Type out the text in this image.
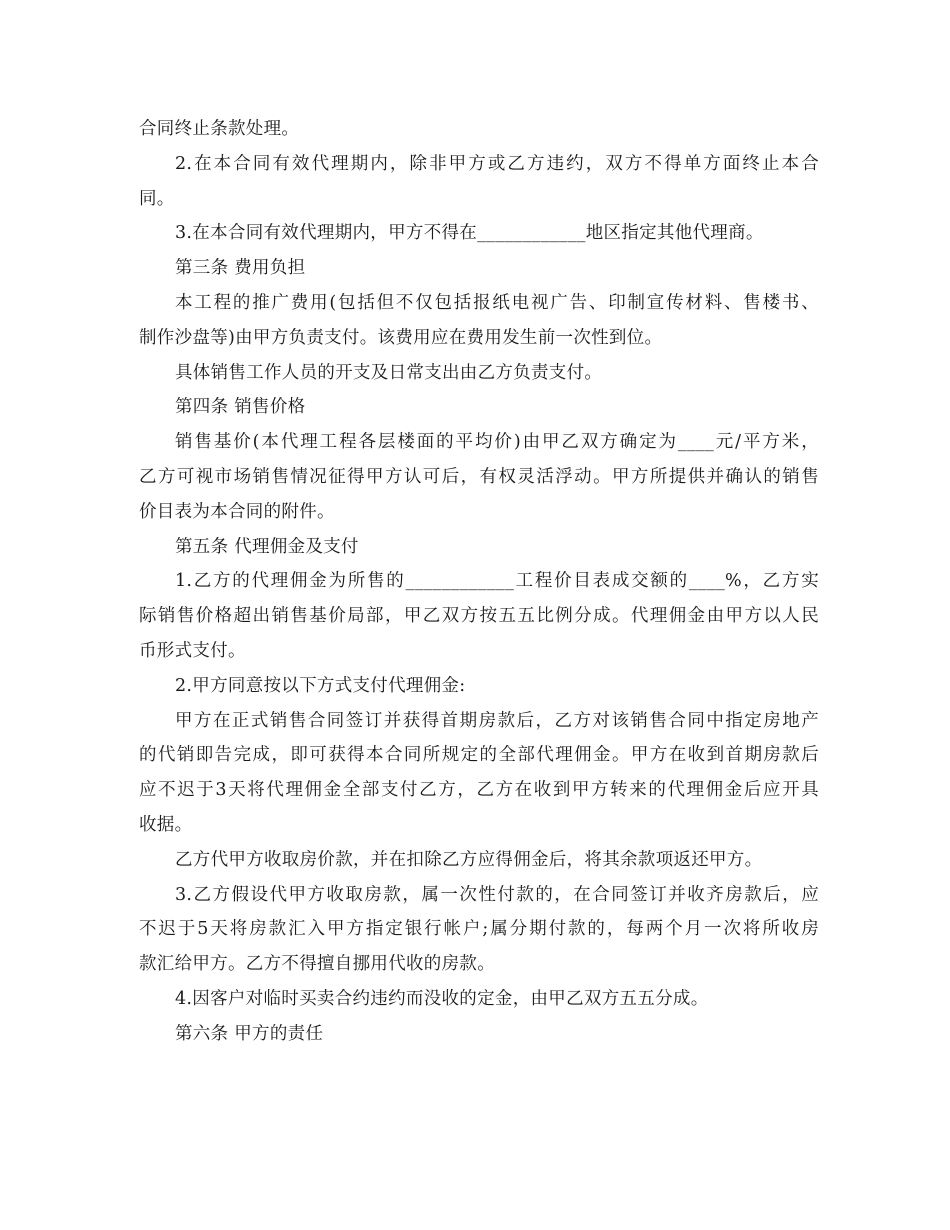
合同终止条款处理。
2.在本合同有效代理期内，除非甲方或乙方违约，双方不得单方面终止本合
同。
3.在本合同有效代理期内，甲方不得在____________地区指定其他代理商。
第三条 费用负担
本工程的推广费用(包括但不仅包括报纸电视广告、印制宣传材料、售楼书、
制作沙盘等)由甲方负责支付。该费用应在费用发生前一次性到位。
具体销售工作人员的开支及日常支出由乙方负责支付。
第四条 销售价格
销售基价(本代理工程各层楼面的平均价)由甲乙双方确定为____元/平方米，
乙方可视市场销售情况征得甲方认可后，有权灵活浮动。甲方所提供并确认的销售
价目表为本合同的附件。
第五条 代理佣金及支付
1.乙方的代理佣金为所售的____________工程价目表成交额的____%，乙方实
际销售价格超出销售基价局部，甲乙双方按五五比例分成。代理佣金由甲方以人民
币形式支付。
2.甲方同意按以下方式支付代理佣金:
甲方在正式销售合同签订并获得首期房款后，乙方对该销售合同中指定房地产
的代销即告完成，即可获得本合同所规定的全部代理佣金。甲方在收到首期房款后
应不迟于3天将代理佣金全部支付乙方，乙方在收到甲方转来的代理佣金后应开具
收据。
乙方代甲方收取房价款，并在扣除乙方应得佣金后，将其余款项返还甲方。
3.乙方假设代甲方收取房款，属一次性付款的，在合同签订并收齐房款后，应
不迟于5天将房款汇入甲方指定银行帐户;属分期付款的，每两个月一次将所收房
款汇给甲方。乙方不得擅自挪用代收的房款。
4.因客户对临时买卖合约违约而没收的定金，由甲乙双方五五分成。
第六条 甲方的责任
